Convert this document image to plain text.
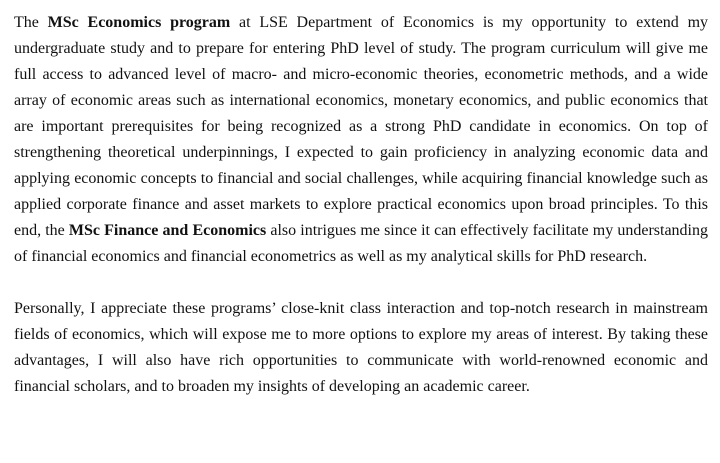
The MSc Economics program at LSE Department of Economics is my opportunity to extend my undergraduate study and to prepare for entering PhD level of study. The program curriculum will give me full access to advanced level of macro- and micro-economic theories, econometric methods, and a wide array of economic areas such as international economics, monetary economics, and public economics that are important prerequisites for being recognized as a strong PhD candidate in economics. On top of strengthening theoretical underpinnings, I expected to gain proficiency in analyzing economic data and applying economic concepts to financial and social challenges, while acquiring financial knowledge such as applied corporate finance and asset markets to explore practical economics upon broad principles. To this end, the MSc Finance and Economics also intrigues me since it can effectively facilitate my understanding of financial economics and financial econometrics as well as my analytical skills for PhD research.

Personally, I appreciate these programs’ close-knit class interaction and top-notch research in mainstream fields of economics, which will expose me to more options to explore my areas of interest. By taking these advantages, I will also have rich opportunities to communicate with world-renowned economic and financial scholars, and to broaden my insights of developing an academic career.
